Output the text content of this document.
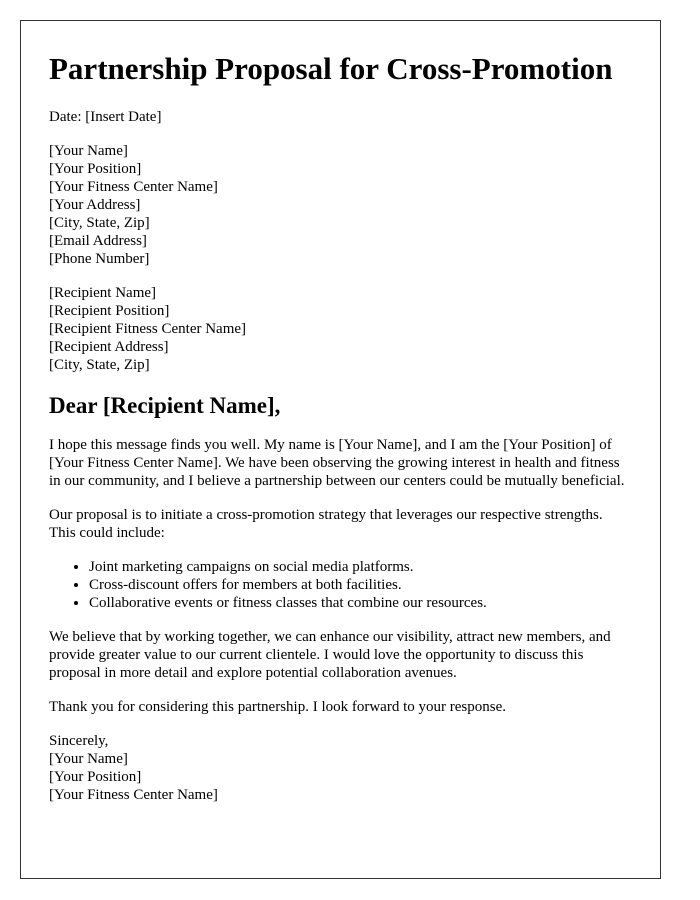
Partnership Proposal for Cross-Promotion
Date: [Insert Date]
[Your Name]
[Your Position]
[Your Fitness Center Name]
[Your Address]
[City, State, Zip]
[Email Address]
[Phone Number]
[Recipient Name]
[Recipient Position]
[Recipient Fitness Center Name]
[Recipient Address]
[City, State, Zip]
Dear [Recipient Name],

I hope this message finds you well. My name is [Your Name], and I am the [Your Position] of [Your Fitness Center Name]. We have been observing the growing interest in health and fitness in our community, and I believe a partnership between our centers could be mutually beneficial.

Our proposal is to initiate a cross-promotion strategy that leverages our respective strengths. This could include:

• Joint marketing campaigns on social media platforms.
• Cross-discount offers for members at both facilities.
• Collaborative events or fitness classes that combine our resources.

We believe that by working together, we can enhance our visibility, attract new members, and provide greater value to our current clientele. I would love the opportunity to discuss this proposal in more detail and explore potential collaboration avenues.

Thank you for considering this partnership. I look forward to your response.

Sincerely,
[Your Name]
[Your Position]
[Your Fitness Center Name]
